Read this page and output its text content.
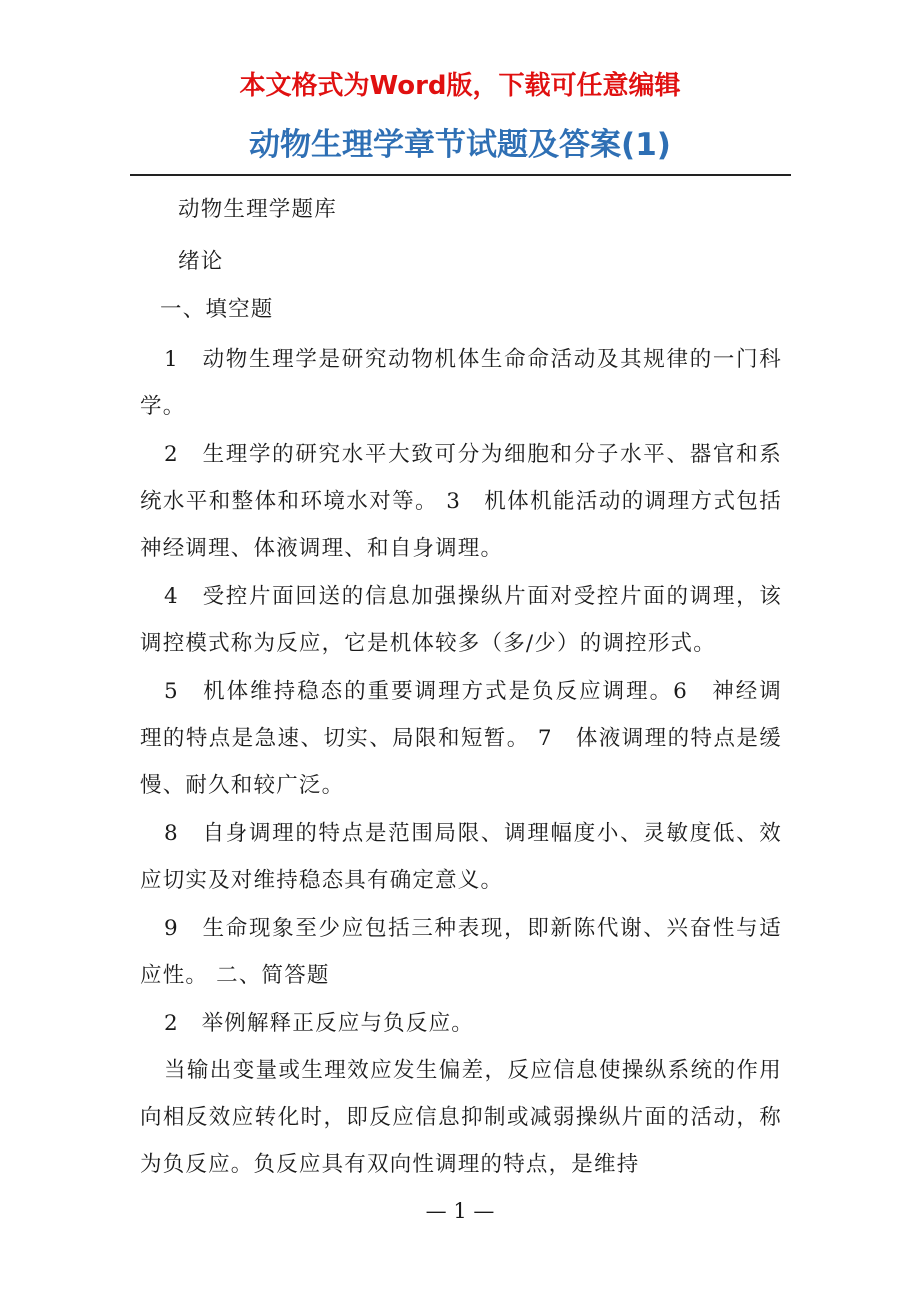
本文格式为Word版，下载可任意编辑
动物生理学章节试题及答案(1)

动物生理学题库

绪论

一、填空题

1　动物生理学是研究动物机体生命命活动及其规律的一门科学。

2　生理学的研究水平大致可分为细胞和分子水平、器官和系统水平和整体和环境水对等。 3　机体机能活动的调理方式包括神经调理、体液调理、和自身调理。

4　受控片面回送的信息加强操纵片面对受控片面的调理，该调控模式称为反应，它是机体较多（多/少）的调控形式。

5　机体维持稳态的重要调理方式是负反应调理。6　神经调理的特点是急速、切实、局限和短暂。 7　体液调理的特点是缓慢、耐久和较广泛。

8　自身调理的特点是范围局限、调理幅度小、灵敏度低、效应切实及对维持稳态具有确定意义。

9　生命现象至少应包括三种表现，即新陈代谢、兴奋性与适应性。 二、简答题

2　举例解释正反应与负反应。

当输出变量或生理效应发生偏差，反应信息使操纵系统的作用向相反效应转化时，即反应信息抑制或减弱操纵片面的活动，称为负反应。负反应具有双向性调理的特点，是维持

— 1 —
